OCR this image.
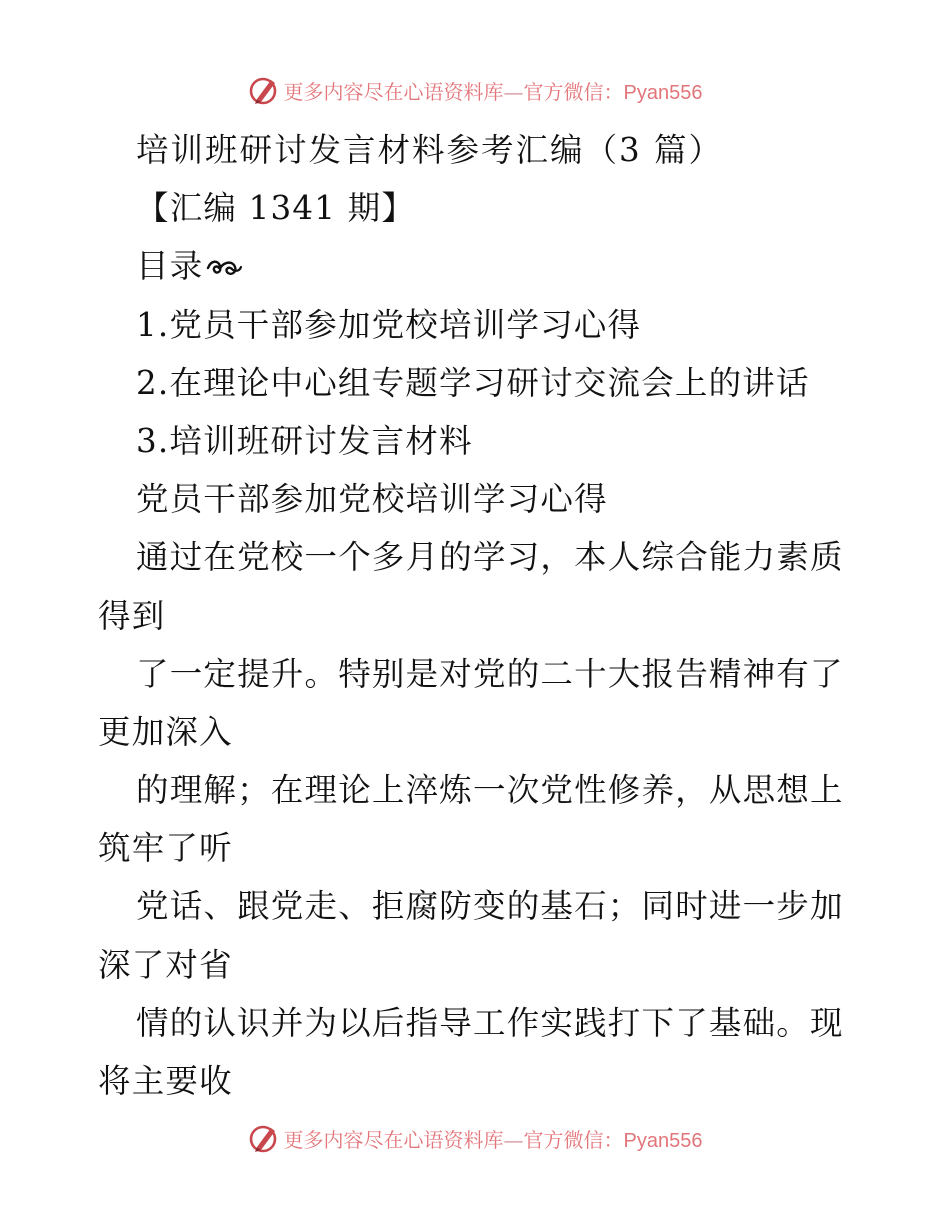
更多内容尽在心语资料库—官方微信：Pyan556
培训班研讨发言材料参考汇编（3 篇）
【汇编 1341 期】
目录
1.党员干部参加党校培训学习心得
2.在理论中心组专题学习研讨交流会上的讲话
3.培训班研讨发言材料
党员干部参加党校培训学习心得
通过在党校一个多月的学习，本人综合能力素质
得到
了一定提升。特别是对党的二十大报告精神有了
更加深入
的理解；在理论上淬炼一次党性修养，从思想上
筑牢了听
党话、跟党走、拒腐防变的基石；同时进一步加
深了对省
情的认识并为以后指导工作实践打下了基础。现
将主要收
更多内容尽在心语资料库—官方微信：Pyan556
